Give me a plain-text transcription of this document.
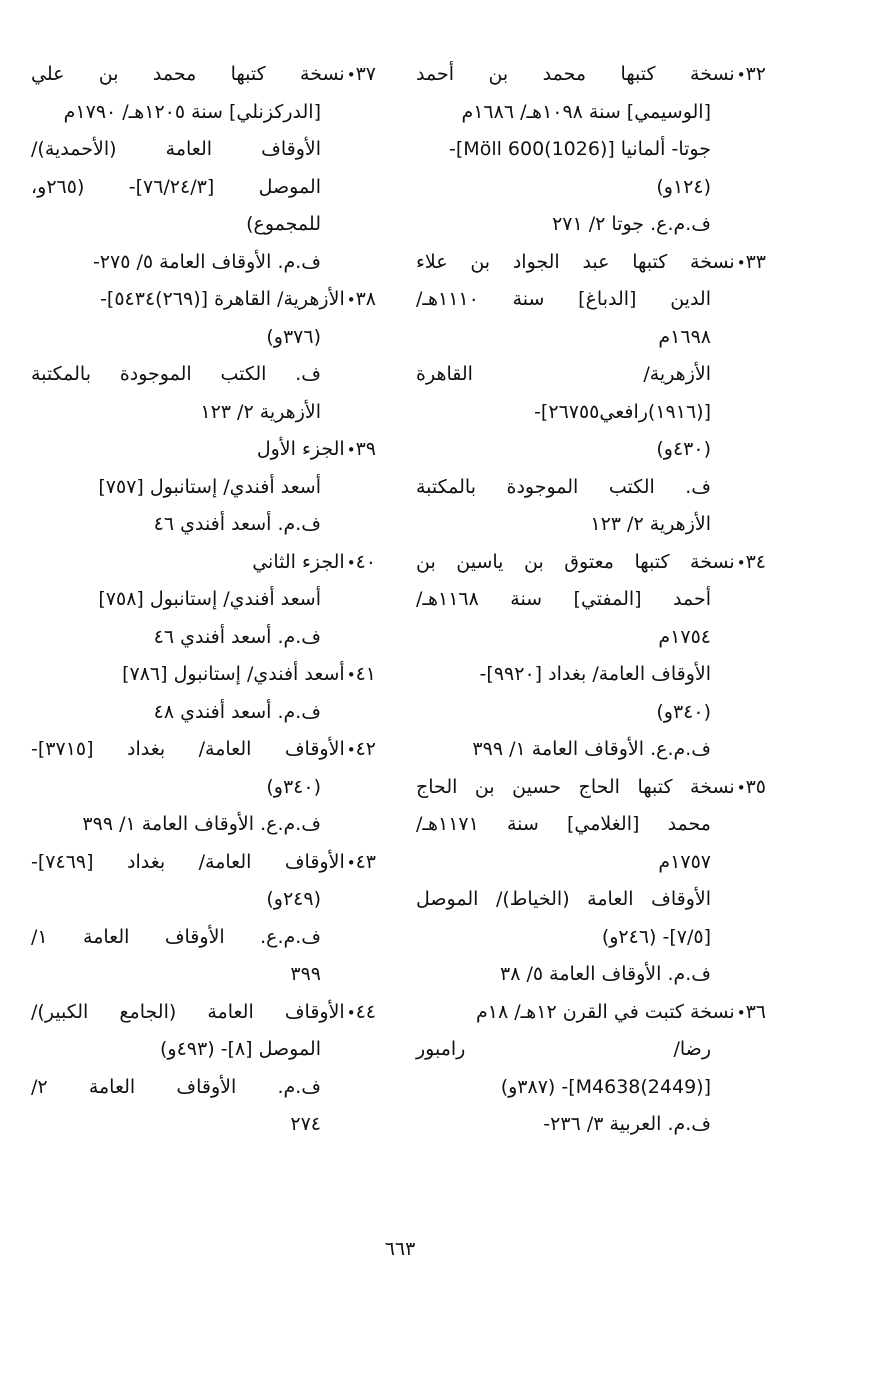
٣٢•نسخة كتبها محمد بن أحمد
[الوسيمي] سنة ١٠٩٨هـ/ ١٦٨٦م
جوتا- ألمانيا [Möll 600(1026)]-
(١٢٤و)
ف.م.ع. جوتا ٢/ ٢٧١
٣٣•نسخة كتبها عبد الجواد بن علاء
الدين [الدباغ] سنة ١١١٠هـ/
١٦٩٨م
الأزهرية/ القاهرة
[(١٩١٦)رافعي٢٦٧٥٥]-
(٤٣٠و)
ف. الكتب الموجودة بالمكتبة
الأزهرية ٢/ ١٢٣
٣٤•نسخة كتبها معتوق بن ياسين بن
أحمد [المفتي] سنة ١١٦٨هـ/
١٧٥٤م
الأوقاف العامة/ بغداد [٩٩٢٠]-
(٣٤٠و)
ف.م.ع. الأوقاف العامة ١/ ٣٩٩
٣٥•نسخة كتبها الحاج حسين بن الحاج
محمد [الغلامي] سنة ١١٧١هـ/
١٧٥٧م
الأوقاف العامة (الخياط)/ الموصل
[٧/٥]- (٢٤٦و)
ف.م. الأوقاف العامة ٥/ ٣٨
٣٦•نسخة كتبت في القرن ١٢هـ/ ١٨م
رضا/ رامبور
[M4638(2449)]- (٣٨٧و)
ف.م. العربية ٣/ ٢٣٦-
٣٧•نسخة كتبها محمد بن علي
[الدركزنلي] سنة ١٢٠٥هـ/ ١٧٩٠م
الأوقاف العامة (الأحمدية)/
الموصل [٧٦/٢٤/٣]- (٢٦٥و،
للمجموع)
ف.م. الأوقاف العامة ٥/ ٢٧٥-
٣٨•الأزهرية/ القاهرة [(٢٦٩)٥٤٣٤]-
(٣٧٦و)
ف. الكتب الموجودة بالمكتبة
الأزهرية ٢/ ١٢٣
٣٩•الجزء الأول
أسعد أفندي/ إستانبول [٧٥٧]
ف.م. أسعد أفندي ٤٦
٤٠•الجزء الثاني
أسعد أفندي/ إستانبول [٧٥٨]
ف.م. أسعد أفندي ٤٦
٤١•أسعد أفندي/ إستانبول [٧٨٦]
ف.م. أسعد أفندي ٤٨
٤٢•الأوقاف العامة/ بغداد [٣٧١٥]-
(٣٤٠و)
ف.م.ع. الأوقاف العامة ١/ ٣٩٩
٤٣•الأوقاف العامة/ بغداد [٧٤٦٩]-
(٢٤٩و)
ف.م.ع. الأوقاف العامة ١/
٣٩٩
٤٤•الأوقاف العامة (الجامع الكبير)/
الموصل [٨]- (٤٩٣و)
ف.م. الأوقاف العامة ٢/
٢٧٤
٦٦٣
